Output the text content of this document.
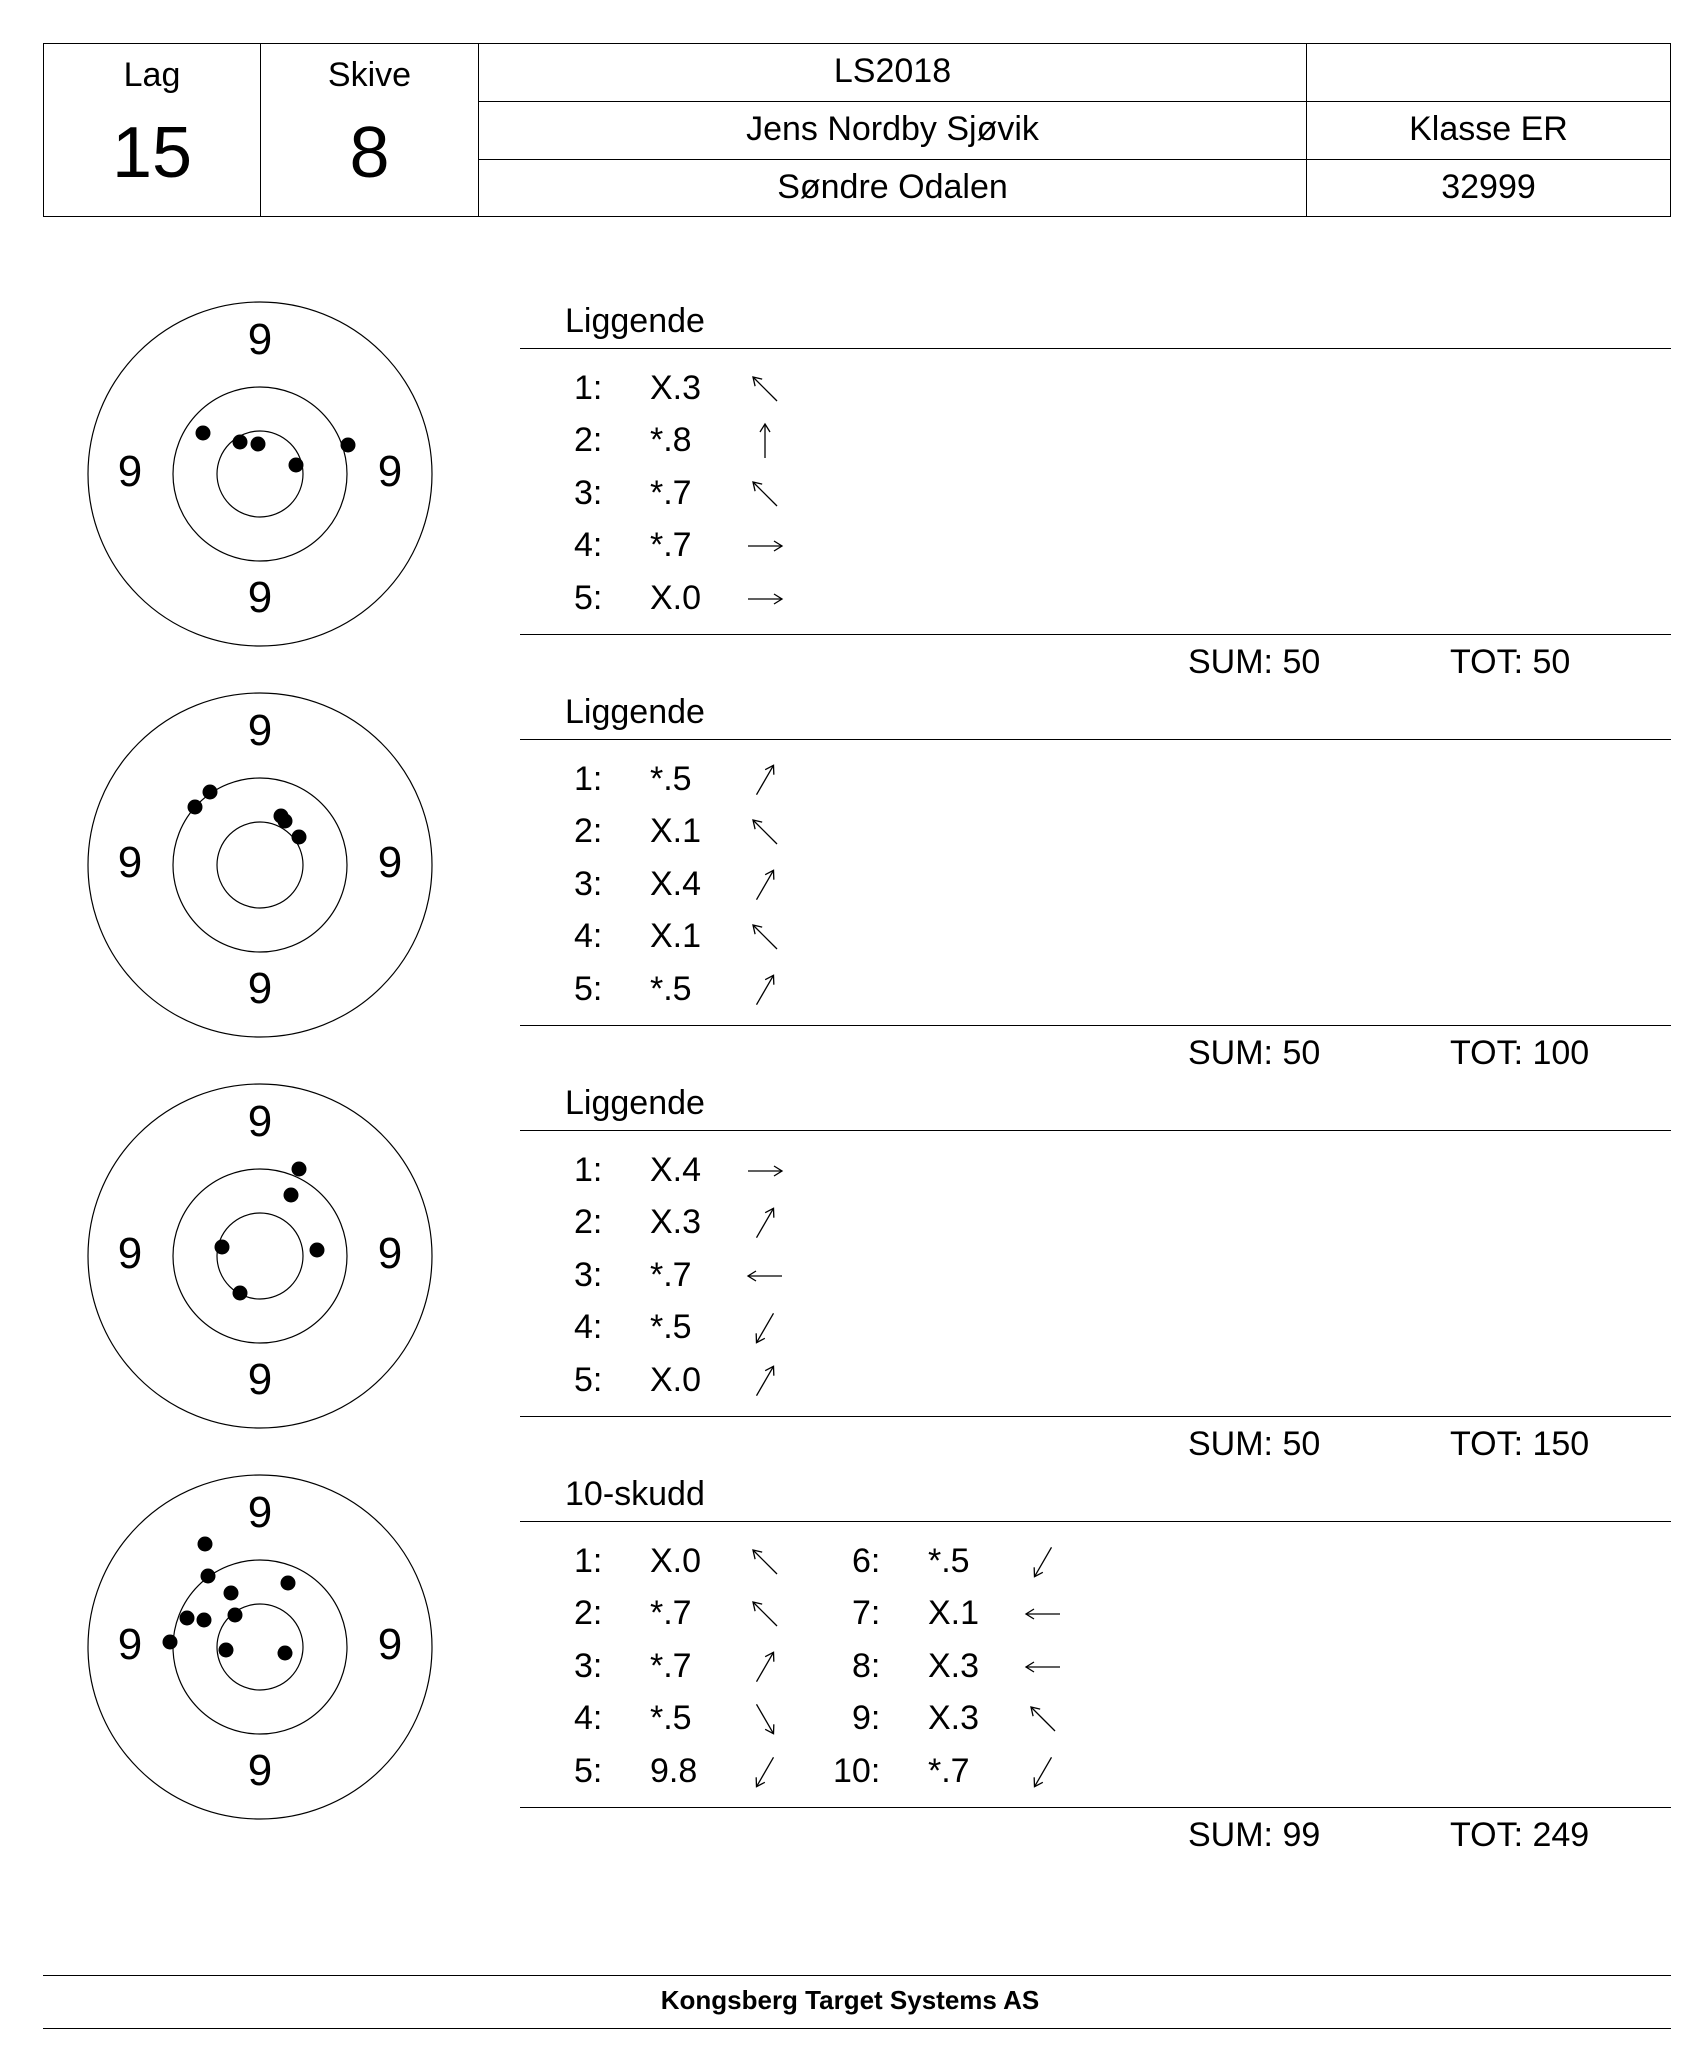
Lag
15
Skive
8
LS2018
Jens Nordby Sjøvik	Klasse ER
Søndre Odalen	32999
9
9
9	9
Liggende
1: X.3
2: *.8
3: *.7
4: *.7
5: X.0
SUM: 50	TOT: 50
9
9
9	9
Liggende
1: *.5
2: X.1
3: X.4
4: X.1
5: *.5
SUM: 50	TOT: 100
9
9
9	9
Liggende
1: X.4
2: X.3
3: *.7
4: *.5
5: X.0
SUM: 50	TOT: 150
9
9
9	9
10-skudd
1: X.0
2: *.7
3: *.7
4: *.5
5: 9.8
6: *.5
7: X.1
8: X.3
9: X.3
10: *.7
SUM: 99	TOT: 249
Kongsberg Target Systems AS
